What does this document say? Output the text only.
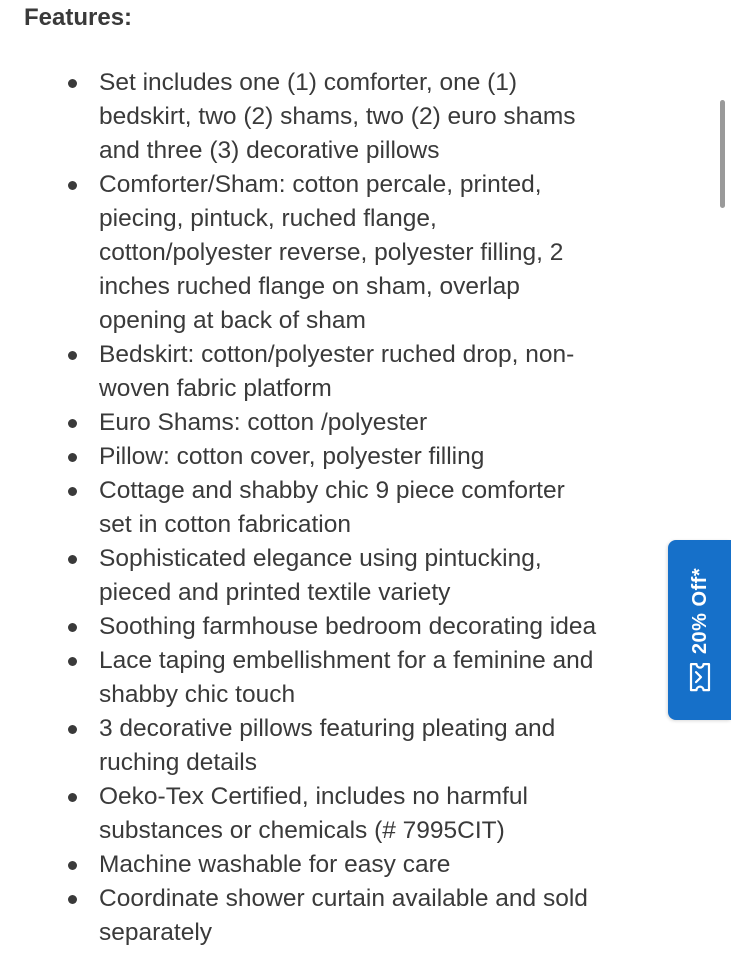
Features:
Set includes one (1) comforter, one (1) bedskirt, two (2) shams, two (2) euro shams and three (3) decorative pillows
Comforter/Sham: cotton percale, printed, piecing, pintuck, ruched flange, cotton/polyester reverse, polyester filling, 2 inches ruched flange on sham, overlap opening at back of sham
Bedskirt: cotton/polyester ruched drop, non-woven fabric platform
Euro Shams: cotton /polyester
Pillow: cotton cover, polyester filling
Cottage and shabby chic 9 piece comforter set in cotton fabrication
Sophisticated elegance using pintucking, pieced and printed textile variety
Soothing farmhouse bedroom decorating idea
Lace taping embellishment for a feminine and shabby chic touch
3 decorative pillows featuring pleating and ruching details
Oeko-Tex Certified, includes no harmful substances or chemicals (# 7995CIT)
Machine washable for easy care
Coordinate shower curtain available and sold separately
20% Off*
